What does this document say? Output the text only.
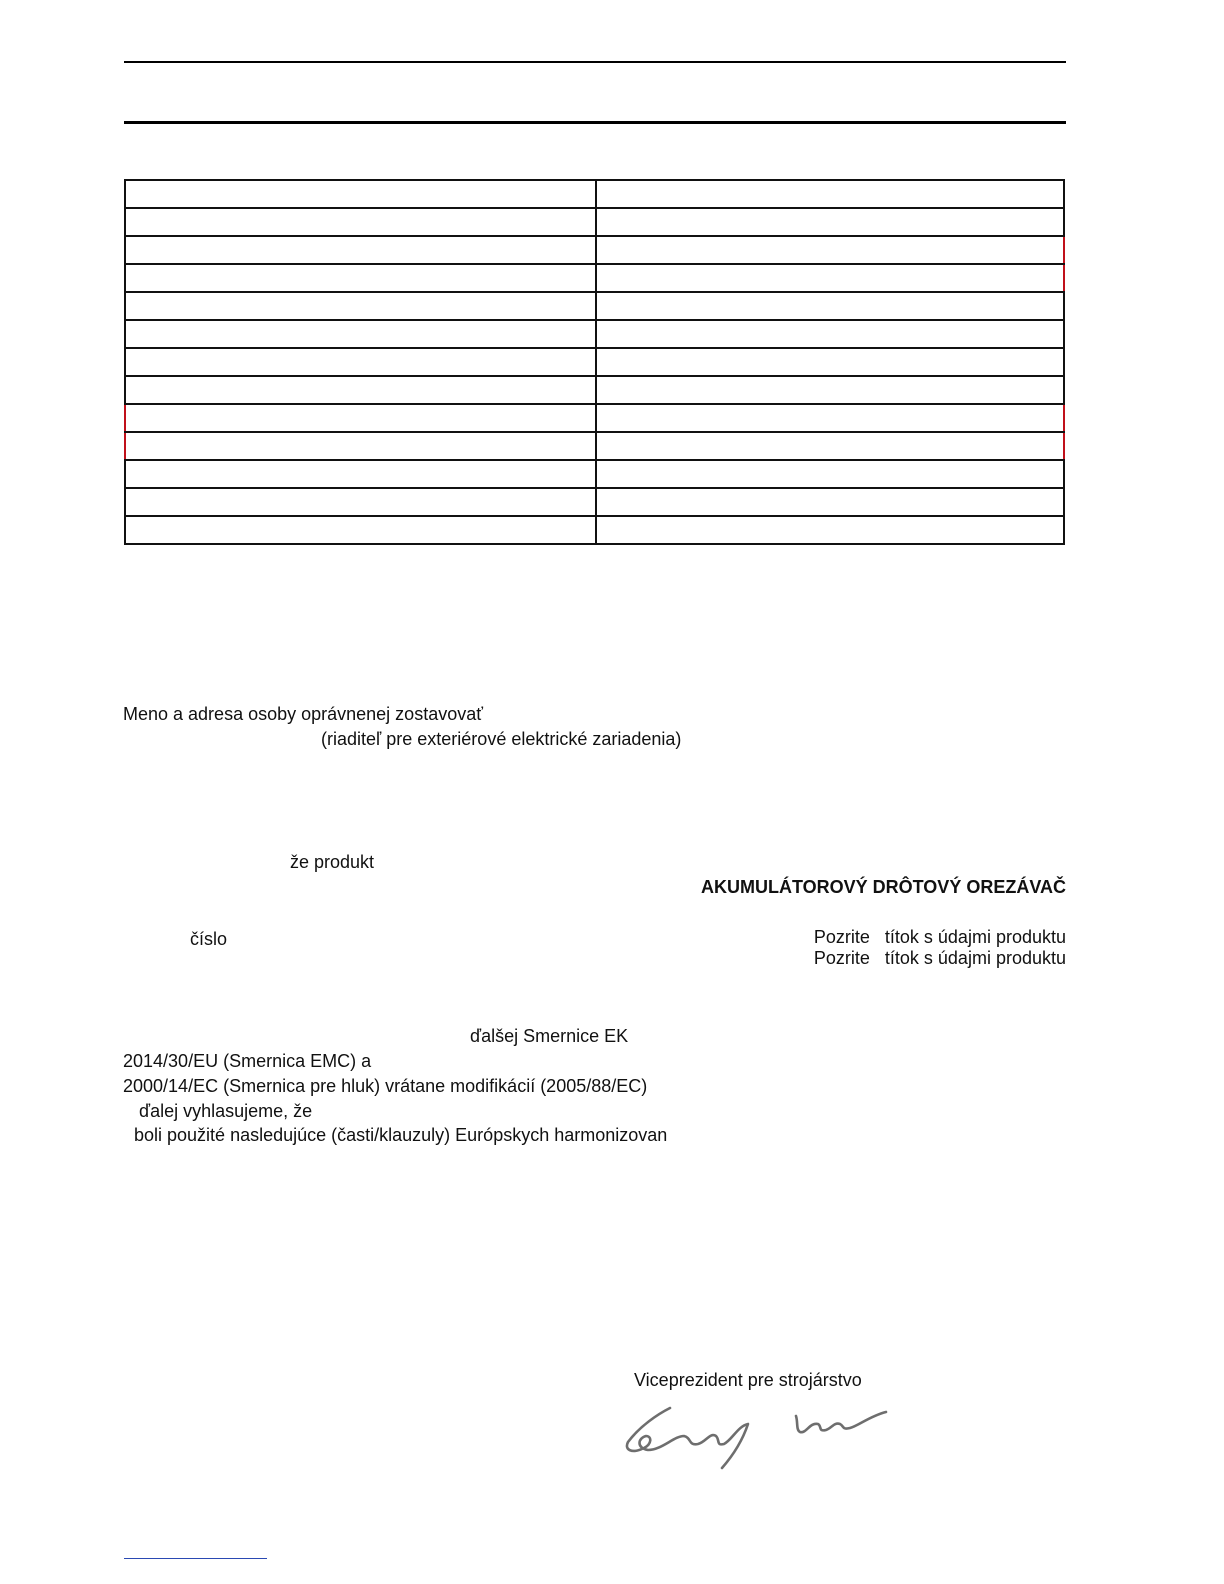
Meno a adresa osoby oprávnenej zostavovať
(riaditeľ pre exteriérové elektrické zariadenia)
že produkt
AKUMULÁTOROVÝ DRÔTOVÝ OREZÁVAČ
číslo	Pozrite   títok s údajmi produktu
Pozrite   títok s údajmi produktu
ďalšej Smernice EK
2014/30/EU (Smernica EMC) a
2000/14/EC (Smernica pre hluk) vrátane modifikácií (2005/88/EC)
ďalej vyhlasujeme, že
boli použité nasledujúce (časti/klauzuly) Európskych harmonizovan
Viceprezident pre strojárstvo
